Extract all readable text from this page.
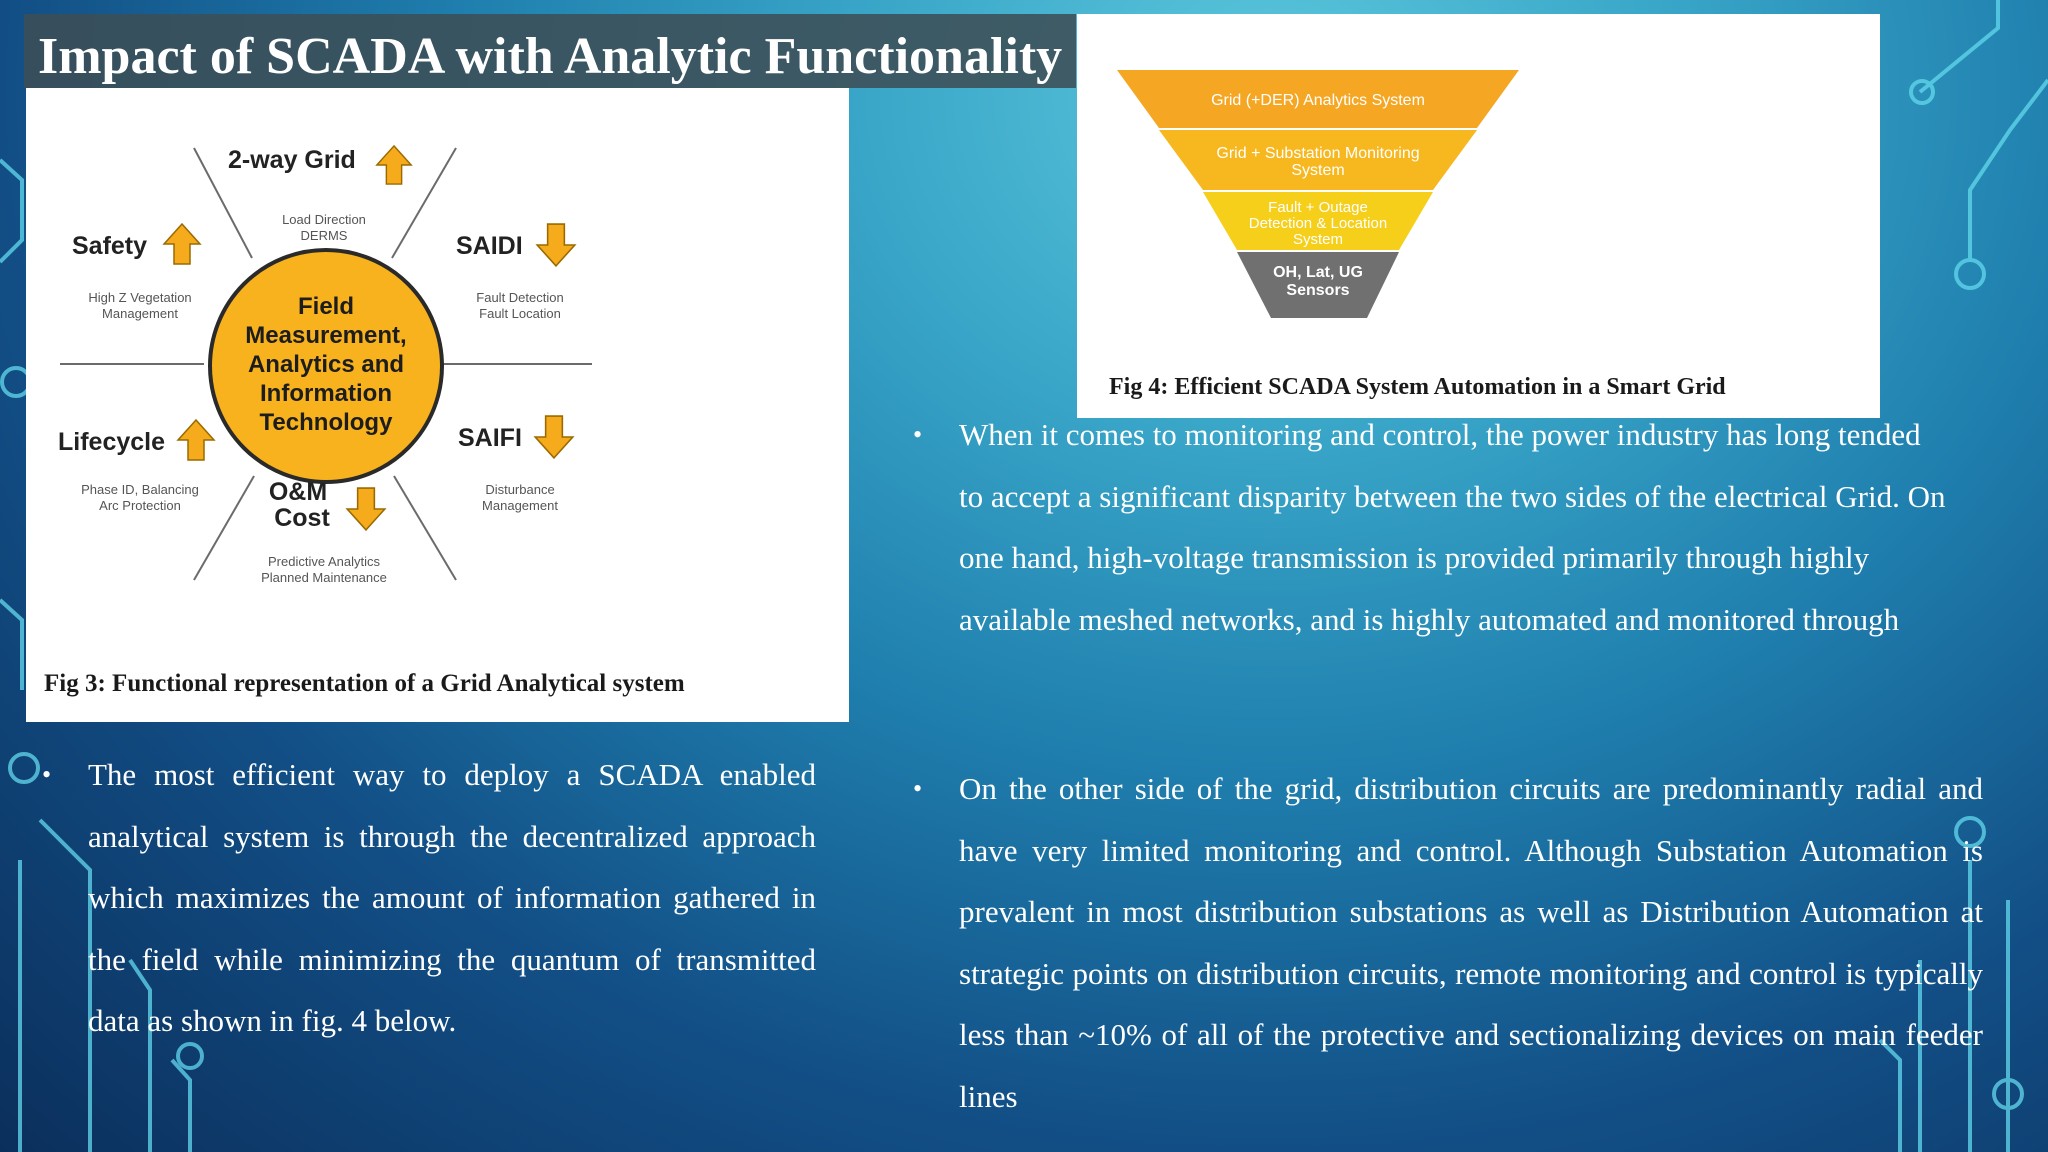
Impact of SCADA with Analytic Functionality
Field
Measurement,
Analytics and
Information
Technology
2-way Grid
Load Direction
DERMS
Safety
High Z Vegetation
Management
SAIDI
Fault Detection
Fault Location
Lifecycle
Phase ID, Balancing
Arc Protection
SAIFI
Disturbance
Management
O&M
Cost
Predictive Analytics
Planned Maintenance
Fig 3: Functional representation of a Grid Analytical system
Grid (+DER) Analytics System
Grid + Substation Monitoring
System
Fault + Outage
Detection & Location
System
OH, Lat, UG
Sensors
Fig 4: Efficient SCADA System Automation in a Smart Grid
• The most efficient way to deploy a SCADA enabled analytical system is through the decentralized approach which maximizes the amount of information gathered in the field while minimizing the quantum of transmitted data as shown in fig. 4 below.
• When it comes to monitoring and control, the power industry has long tended to accept a significant disparity between the two sides of the electrical Grid. On one hand, high-voltage transmission is provided primarily through highly available meshed networks, and is highly automated and monitored through
• On the other side of the grid, distribution circuits are predominantly radial and have very limited monitoring and control. Although Substation Automation is prevalent in most distribution substations as well as Distribution Automation at strategic points on distribution circuits, remote monitoring and control is typically less than ~10% of all of the protective and sectionalizing devices on main feeder lines
